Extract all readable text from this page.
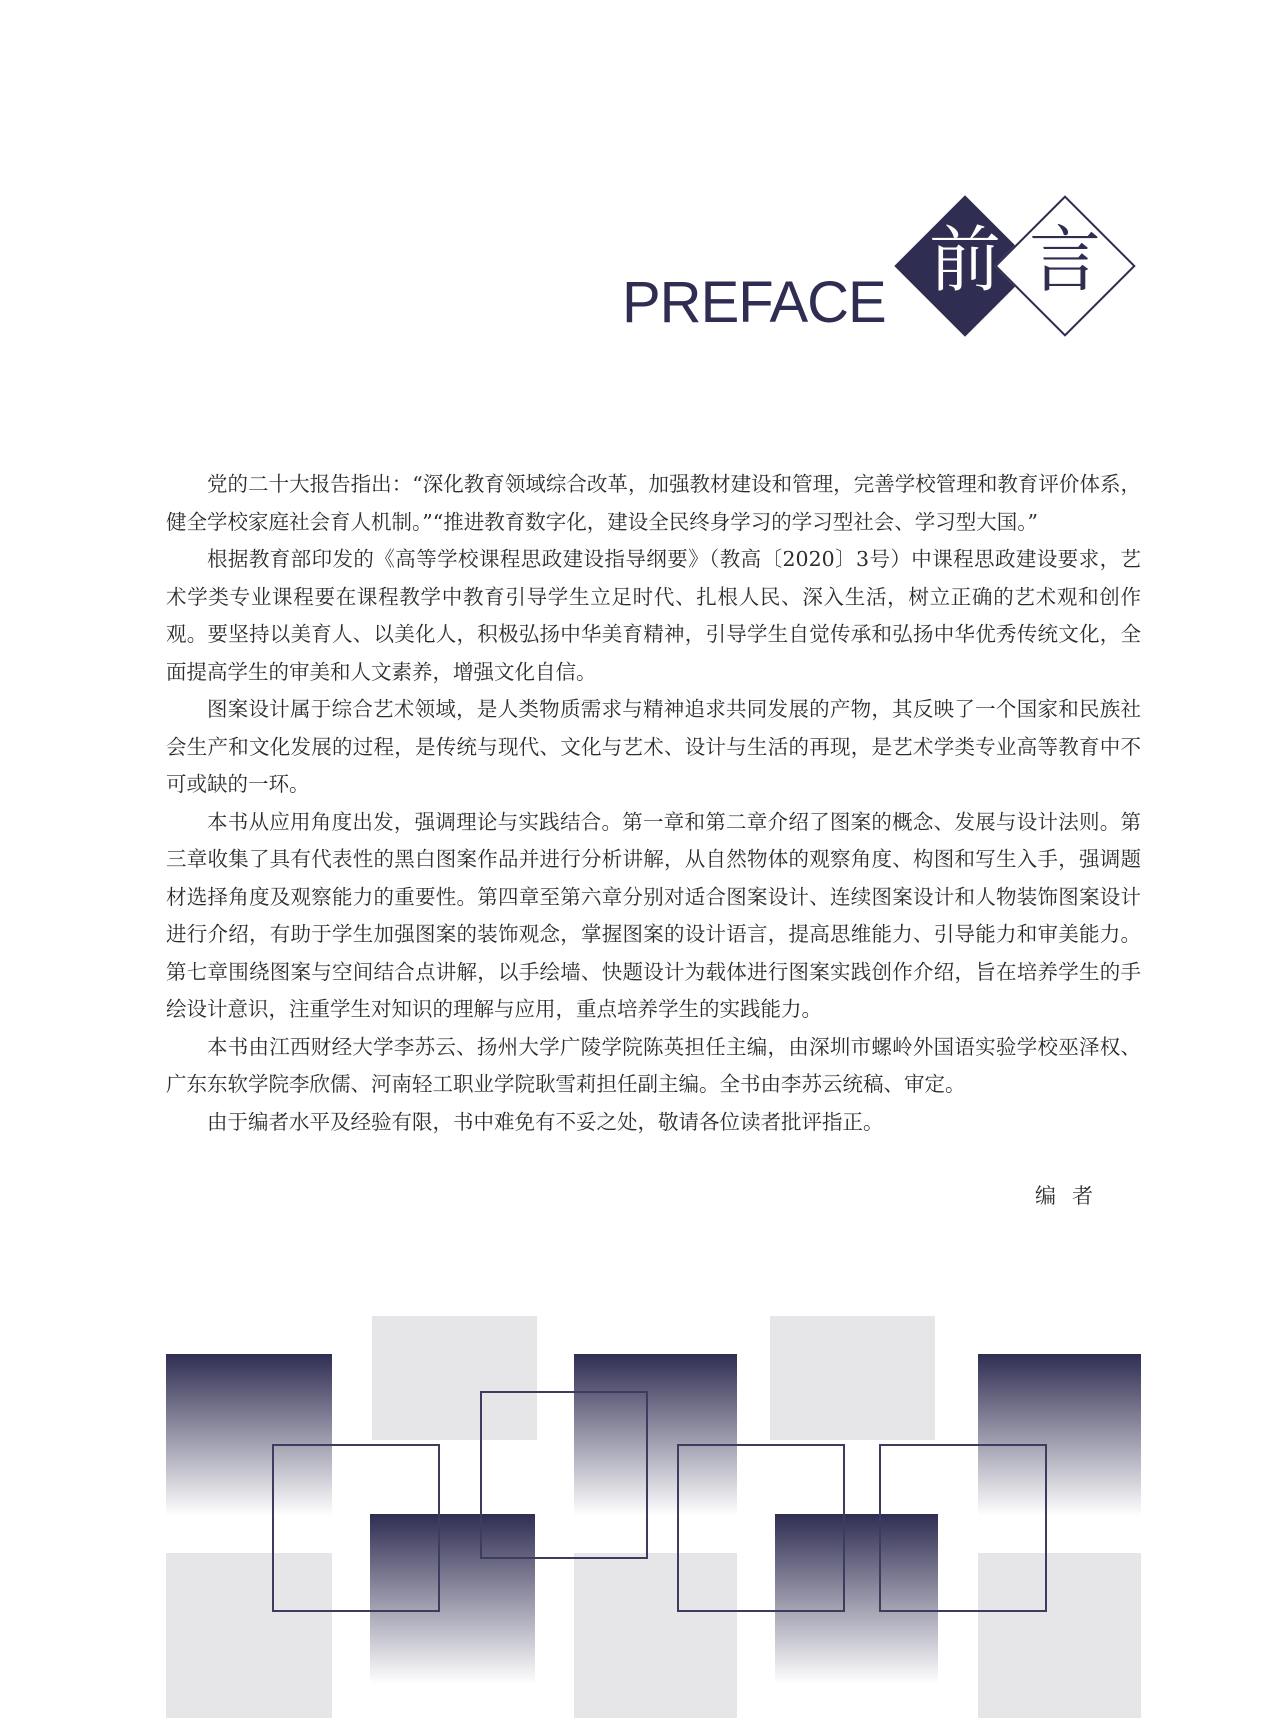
PREFACE
前 言

党的二十大报告指出：“深化教育领域综合改革，加强教材建设和管理，完善学校管理和教育评价体系，健全学校家庭社会育人机制。”“推进教育数字化，建设全民终身学习的学习型社会、学习型大国。”

根据教育部印发的《高等学校课程思政建设指导纲要》（教高〔2020〕3号）中课程思政建设要求，艺术学类专业课程要在课程教学中教育引导学生立足时代、扎根人民、深入生活，树立正确的艺术观和创作观。要坚持以美育人、以美化人，积极弘扬中华美育精神，引导学生自觉传承和弘扬中华优秀传统文化，全面提高学生的审美和人文素养，增强文化自信。

图案设计属于综合艺术领域，是人类物质需求与精神追求共同发展的产物，其反映了一个国家和民族社会生产和文化发展的过程，是传统与现代、文化与艺术、设计与生活的再现，是艺术学类专业高等教育中不可或缺的一环。

本书从应用角度出发，强调理论与实践结合。第一章和第二章介绍了图案的概念、发展与设计法则。第三章收集了具有代表性的黑白图案作品并进行分析讲解，从自然物体的观察角度、构图和写生入手，强调题材选择角度及观察能力的重要性。第四章至第六章分别对适合图案设计、连续图案设计和人物装饰图案设计进行介绍，有助于学生加强图案的装饰观念，掌握图案的设计语言，提高思维能力、引导能力和审美能力。第七章围绕图案与空间结合点讲解，以手绘墙、快题设计为载体进行图案实践创作介绍，旨在培养学生的手绘设计意识，注重学生对知识的理解与应用，重点培养学生的实践能力。

本书由江西财经大学李苏云、扬州大学广陵学院陈英担任主编，由深圳市螺岭外国语实验学校巫泽权、广东东软学院李欣儒、河南轻工职业学院耿雪莉担任副主编。全书由李苏云统稿、审定。

由于编者水平及经验有限，书中难免有不妥之处，敬请各位读者批评指正。

编者
